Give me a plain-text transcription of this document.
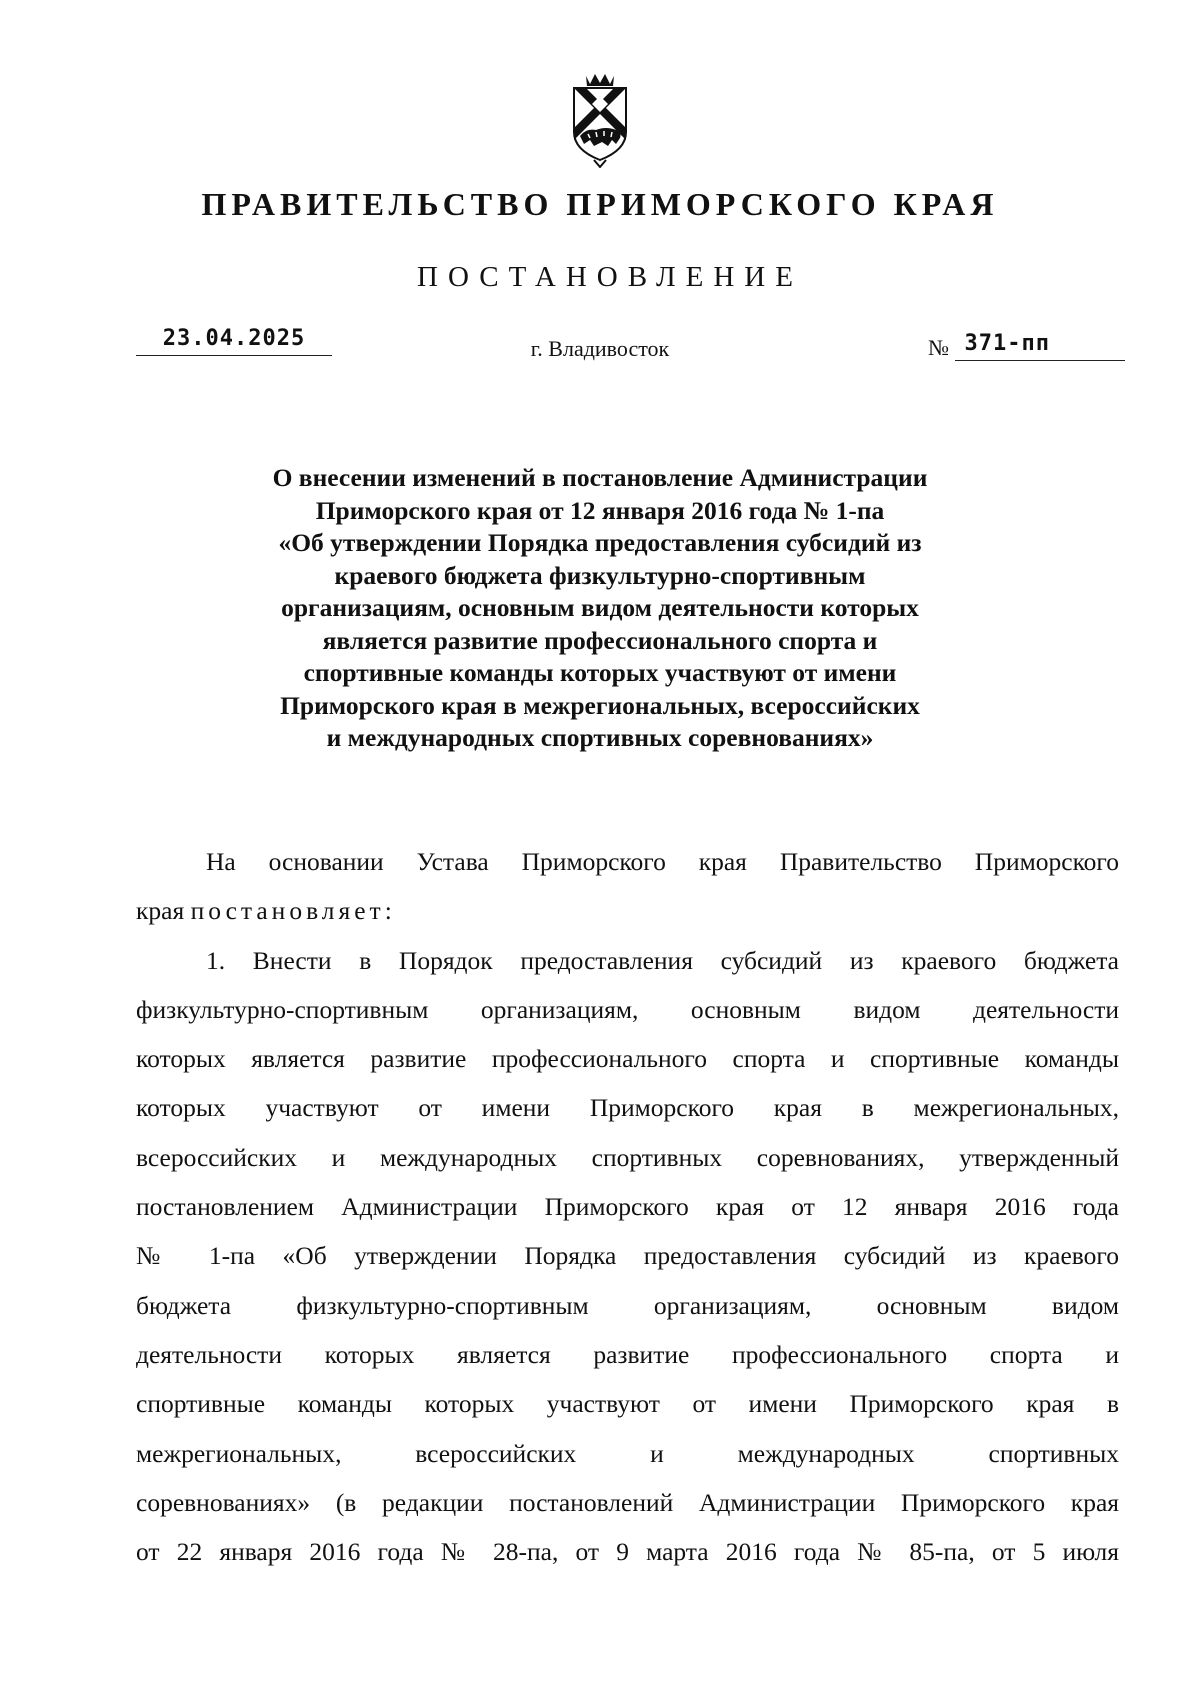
ПРАВИТЕЛЬСТВО ПРИМОРСКОГО КРАЯ
ПОСТАНОВЛЕНИЕ
23.04.2025	г. Владивосток	№ 371-пп
О внесении изменений в постановление Администрации
Приморского края от 12 января 2016 года № 1-па
«Об утверждении Порядка предоставления субсидий из
краевого бюджета физкультурно-спортивным
организациям, основным видом деятельности которых
является развитие профессионального спорта и
спортивные команды которых участвуют от имени
Приморского края в межрегиональных, всероссийских
и международных спортивных соревнованиях»
На основании Устава Приморского края Правительство Приморского
края постановляет:
1. Внести в Порядок предоставления субсидий из краевого бюджета
физкультурно-спортивным организациям, основным видом деятельности
которых является развитие профессионального спорта и спортивные команды
которых участвуют от имени Приморского края в межрегиональных,
всероссийских и международных спортивных соревнованиях, утвержденный
постановлением Администрации Приморского края от 12 января 2016 года
№ 1-па «Об утверждении Порядка предоставления субсидий из краевого
бюджета физкультурно-спортивным организациям, основным видом
деятельности которых является развитие профессионального спорта и
спортивные команды которых участвуют от имени Приморского края в
межрегиональных, всероссийских и международных спортивных
соревнованиях» (в редакции постановлений Администрации Приморского края
от 22 января 2016 года № 28-па, от 9 марта 2016 года № 85-па, от 5 июля
